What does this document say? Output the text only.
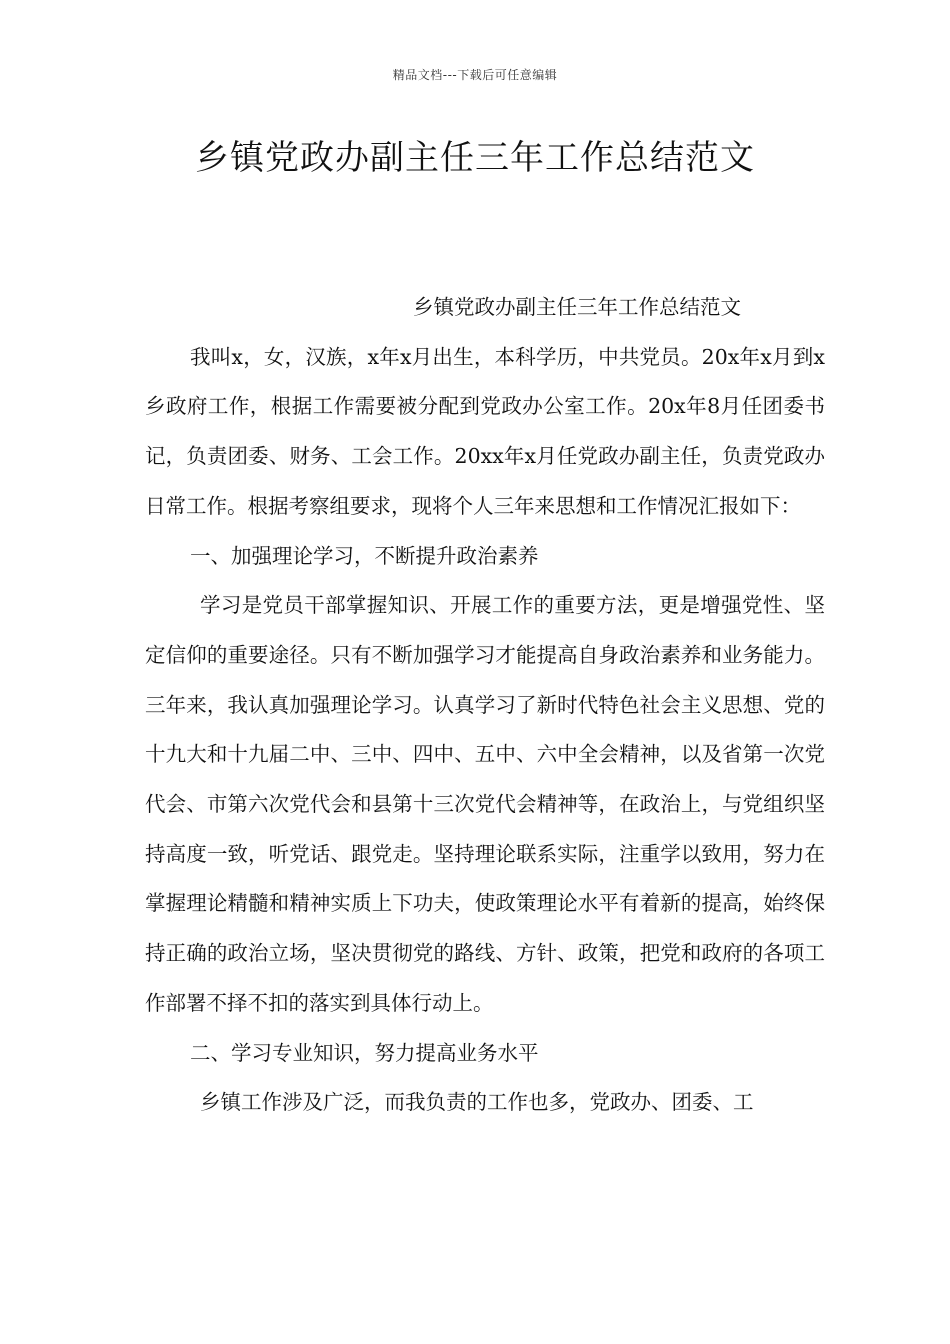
精品文档---下载后可任意编辑
乡镇党政办副主任三年工作总结范文
乡镇党政办副主任三年工作总结范文
我叫x，女，汉族，x年x月出生，本科学历，中共党员。20x年x月到x乡政府工作，根据工作需要被分配到党政办公室工作。20x年8月任团委书记，负责团委、财务、工会工作。20xx年x月任党政办副主任，负责党政办日常工作。根据考察组要求，现将个人三年来思想和工作情况汇报如下：
一、加强理论学习，不断提升政治素养
学习是党员干部掌握知识、开展工作的重要方法，更是增强党性、坚定信仰的重要途径。只有不断加强学习才能提高自身政治素养和业务能力。三年来，我认真加强理论学习。认真学习了新时代特色社会主义思想、党的十九大和十九届二中、三中、四中、五中、六中全会精神，以及省第一次党代会、市第六次党代会和县第十三次党代会精神等，在政治上，与党组织坚持高度一致，听党话、跟党走。坚持理论联系实际，注重学以致用，努力在掌握理论精髓和精神实质上下功夫，使政策理论水平有着新的提高，始终保持正确的政治立场，坚决贯彻党的路线、方针、政策，把党和政府的各项工作部署不择不扣的落实到具体行动上。
二、学习专业知识，努力提高业务水平
乡镇工作涉及广泛，而我负责的工作也多，党政办、团委、工
